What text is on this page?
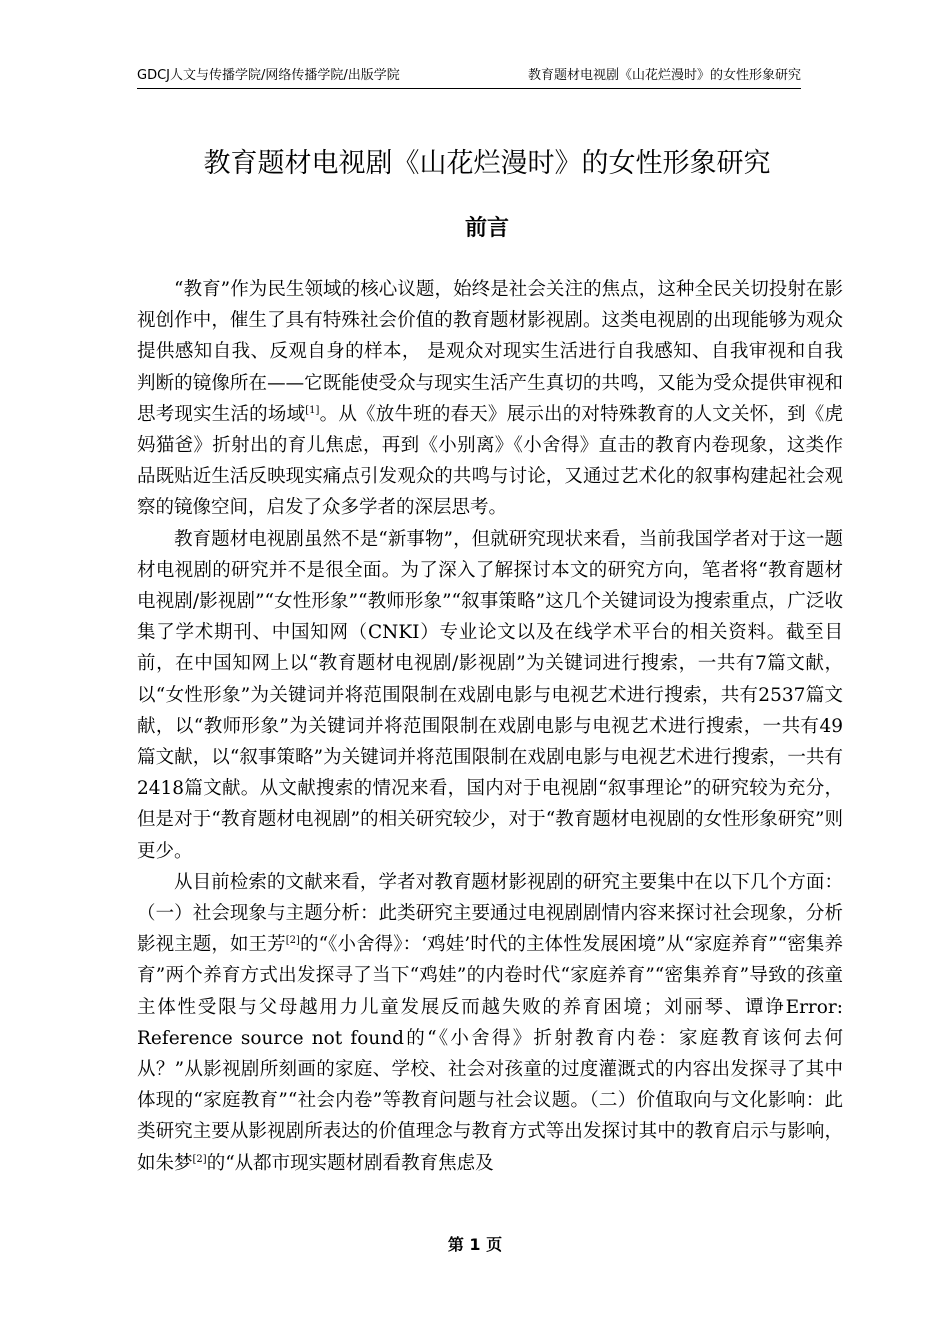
GDCJ人文与传播学院/网络传播学院/出版学院	教育题材电视剧《山花烂漫时》的女性形象研究
教育题材电视剧《山花烂漫时》的女性形象研究
前言

“教育”作为民生领域的核心议题，始终是社会关注的焦点，这种全民关切投射在影视创作中，催生了具有特殊社会价值的教育题材影视剧。这类电视剧的出现能够为观众提供感知自我、反观自身的样本， 是观众对现实生活进行自我感知、自我审视和自我判断的镜像所在——它既能使受众与现实生活产生真切的共鸣，又能为受众提供审视和思考现实生活的场域[1]。从《放牛班的春天》展示出的对特殊教育的人文关怀，到《虎妈猫爸》折射出的育儿焦虑，再到《小别离》《小舍得》直击的教育内卷现象，这类作品既贴近生活反映现实痛点引发观众的共鸣与讨论，又通过艺术化的叙事构建起社会观察的镜像空间，启发了众多学者的深层思考。

教育题材电视剧虽然不是“新事物”，但就研究现状来看，当前我国学者对于这一题材电视剧的研究并不是很全面。为了深入了解探讨本文的研究方向，笔者将“教育题材电视剧/影视剧”“女性形象”“教师形象”“叙事策略”这几个关键词设为搜索重点，广泛收集了学术期刊、中国知网（CNKI）专业论文以及在线学术平台的相关资料。截至目前，在中国知网上以“教育题材电视剧/影视剧”为关键词进行搜索，一共有7篇文献，以“女性形象”为关键词并将范围限制在戏剧电影与电视艺术进行搜索，共有2537篇文献，以“教师形象”为关键词并将范围限制在戏剧电影与电视艺术进行搜索，一共有49篇文献，以“叙事策略”为关键词并将范围限制在戏剧电影与电视艺术进行搜索，一共有2418篇文献。从文献搜索的情况来看，国内对于电视剧“叙事理论”的研究较为充分，但是对于“教育题材电视剧”的相关研究较少，对于“教育题材电视剧的女性形象研究”则更少。

从目前检索的文献来看，学者对教育题材影视剧的研究主要集中在以下几个方面：（一）社会现象与主题分析：此类研究主要通过电视剧剧情内容来探讨社会现象，分析影视主题，如王芳[2]的“《小舍得》：‘鸡娃’时代的主体性发展困境”从“家庭养育”“密集养育”两个养育方式出发探寻了当下“鸡娃”的内卷时代“家庭养育”“密集养育”导致的孩童主体性受限与父母越用力儿童发展反而越失败的养育困境；刘丽琴、谭诤Error: Reference source not found的“《小舍得》折射教育内卷：家庭教育该何去何从？”从影视剧所刻画的家庭、学校、社会对孩童的过度灌溉式的内容出发探寻了其中体现的“家庭教育”“社会内卷”等教育问题与社会议题。（二）价值取向与文化影响：此类研究主要从影视剧所表达的价值理念与教育方式等出发探讨其中的教育启示与影响，如朱梦[2]的“从都市现实题材剧看教育焦虑及

第 1 页
